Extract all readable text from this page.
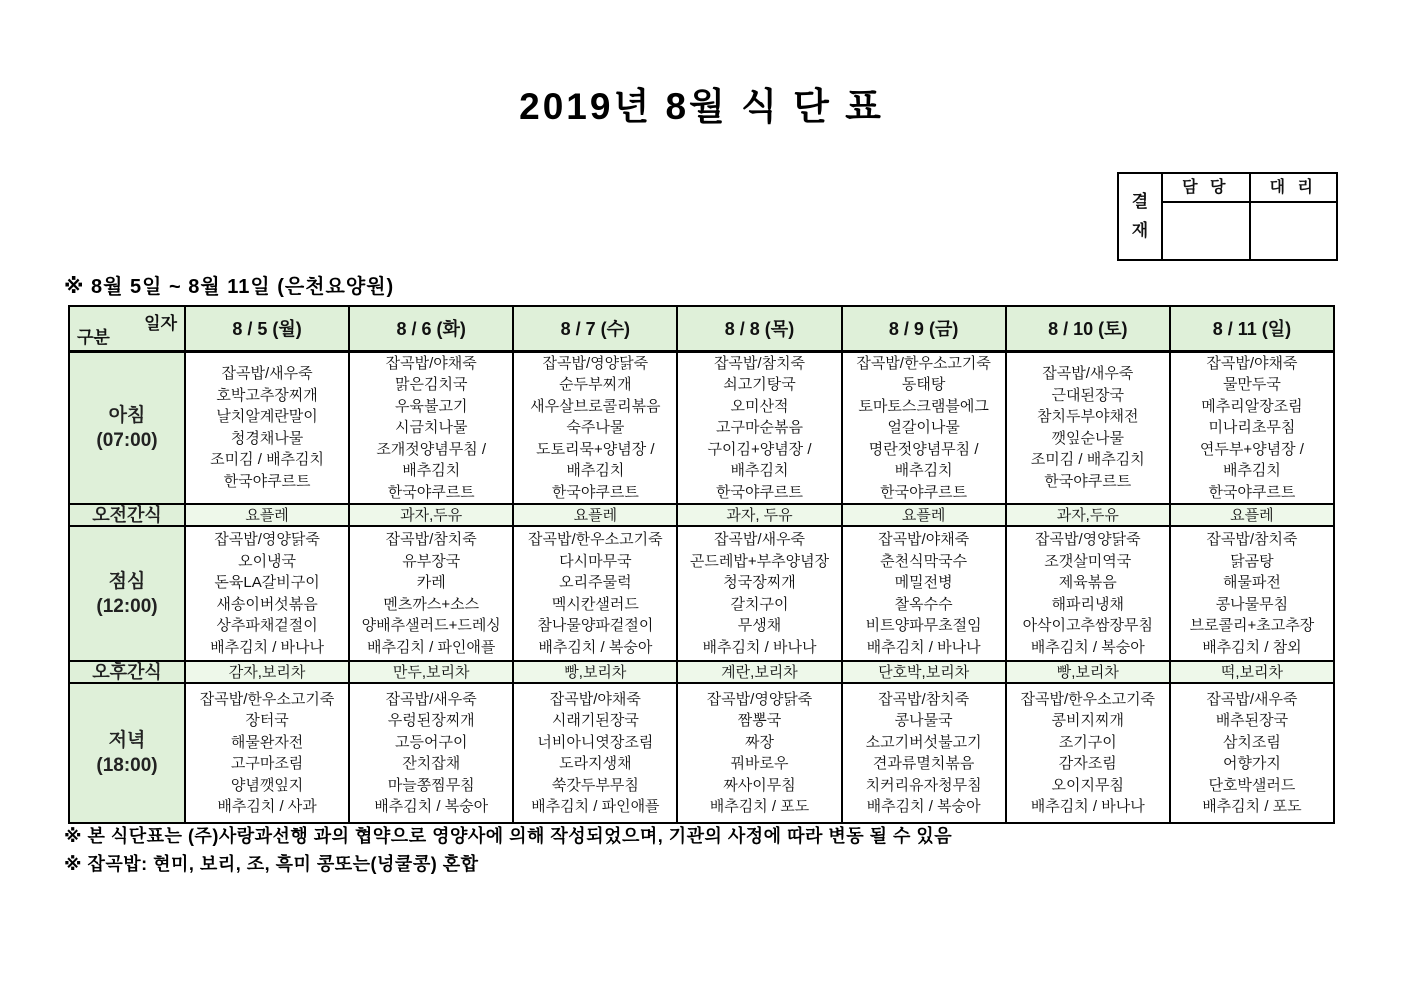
2019년 8월 식 단 표
결재
담 당	대 리
※ 8월 5일 ~ 8월 11일 (은천요양원)
일자
구분	8 / 5 (월)	8 / 6 (화)	8 / 7 (수)	8 / 8 (목)	8 / 9 (금)	8 / 10 (토)	8 / 11 (일)

아침
(07:00)

잡곡밥/새우죽
호박고추장찌개
날치알계란말이
청경채나물
조미김 / 배추김치
한국야쿠르트

잡곡밥/야채죽
맑은김치국
우육불고기
시금치나물
조개젓양념무침 /
배추김치
한국야쿠르트

잡곡밥/영양닭죽
순두부찌개
새우살브로콜리볶음
숙주나물
도토리묵+양념장 /
배추김치
한국야쿠르트

잡곡밥/참치죽
쇠고기탕국
오미산적
고구마순볶음
구이김+양념장 /
배추김치
한국야쿠르트

잡곡밥/한우소고기죽
동태탕
토마토스크램블에그
얼갈이나물
명란젓양념무침 /
배추김치
한국야쿠르트

잡곡밥/새우죽
근대된장국
참치두부야채전
깻잎순나물
조미김 / 배추김치
한국야쿠르트

잡곡밥/야채죽
물만두국
메추리알장조림
미나리초무침
연두부+양념장 /
배추김치
한국야쿠르트

오전간식	요플레	과자,두유	요플레	과자, 두유	요플레	과자,두유	요플레

점심
(12:00)

잡곡밥/영양닭죽
오이냉국
돈육LA갈비구이
새송이버섯볶음
상추파채겉절이
배추김치 / 바나나

잡곡밥/참치죽
유부장국
카레
멘츠까스+소스
양배추샐러드+드레싱
배추김치 / 파인애플

잡곡밥/한우소고기죽
다시마무국
오리주물럭
멕시칸샐러드
참나물양파겉절이
배추김치 / 복숭아

잡곡밥/새우죽
곤드레밥+부추양념장
청국장찌개
갈치구이
무생채
배추김치 / 바나나

잡곡밥/야채죽
춘천식막국수
메밀전병
찰옥수수
비트양파무초절임
배추김치 / 바나나

잡곡밥/영양닭죽
조갯살미역국
제육볶음
해파리냉채
아삭이고추쌈장무침
배추김치 / 복숭아

잡곡밥/참치죽
닭곰탕
해물파전
콩나물무침
브로콜리+초고추장
배추김치 / 참외

오후간식	감자,보리차	만두,보리차	빵,보리차	계란,보리차	단호박,보리차	빵,보리차	떡,보리차

저녁
(18:00)

잡곡밥/한우소고기죽
장터국
해물완자전
고구마조림
양념깻잎지
배추김치 / 사과

잡곡밥/새우죽
우렁된장찌개
고등어구이
잔치잡채
마늘쫑찜무침
배추김치 / 복숭아

잡곡밥/야채죽
시래기된장국
너비아니엿장조림
도라지생채
쑥갓두부무침
배추김치 / 파인애플

잡곡밥/영양닭죽
짬뽕국
짜장
꿔바로우
짜사이무침
배추김치 / 포도

잡곡밥/참치죽
콩나물국
소고기버섯불고기
견과류멸치볶음
치커리유자청무침
배추김치 / 복숭아

잡곡밥/한우소고기죽
콩비지찌개
조기구이
감자조림
오이지무침
배추김치 / 바나나

잡곡밥/새우죽
배추된장국
삼치조림
어향가지
단호박샐러드
배추김치 / 포도
※ 본 식단표는 (주)사랑과선행 과의 협약으로 영양사에 의해 작성되었으며, 기관의 사정에 따라 변동 될 수 있음
※ 잡곡밥: 현미, 보리, 조, 흑미 콩또는(넝쿨콩) 혼합
